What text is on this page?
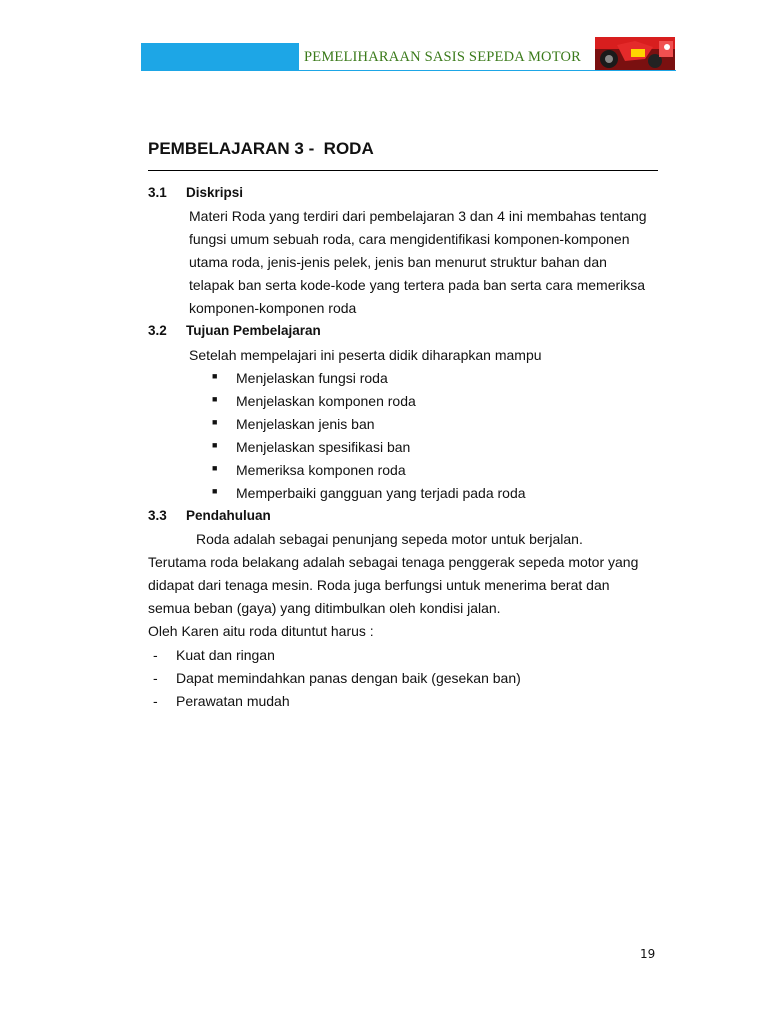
PEMELIHARAAN SASIS SEPEDA MOTOR
PEMBELAJARAN 3 -  RODA
3.1 Diskripsi
Materi Roda yang terdiri dari pembelajaran 3 dan 4 ini membahas tentang
fungsi umum sebuah roda, cara mengidentifikasi komponen-komponen
utama roda, jenis-jenis pelek, jenis ban menurut struktur bahan dan
telapak ban serta kode-kode yang tertera pada ban serta cara memeriksa
komponen-komponen roda
3.2 Tujuan Pembelajaran
Setelah mempelajari ini peserta didik diharapkan mampu
■ Menjelaskan fungsi roda
■ Menjelaskan komponen roda
■ Menjelaskan jenis ban
■ Menjelaskan spesifikasi ban
■ Memeriksa komponen roda
■ Memperbaiki gangguan yang terjadi pada roda
3.3 Pendahuluan
Roda adalah sebagai penunjang sepeda motor untuk berjalan.
Terutama roda belakang adalah sebagai tenaga penggerak sepeda motor yang
didapat dari tenaga mesin. Roda juga berfungsi untuk menerima berat dan
semua beban (gaya) yang ditimbulkan oleh kondisi jalan.
Oleh Karen aitu roda dituntut harus :
- Kuat dan ringan
- Dapat memindahkan panas dengan baik (gesekan ban)
- Perawatan mudah
19
